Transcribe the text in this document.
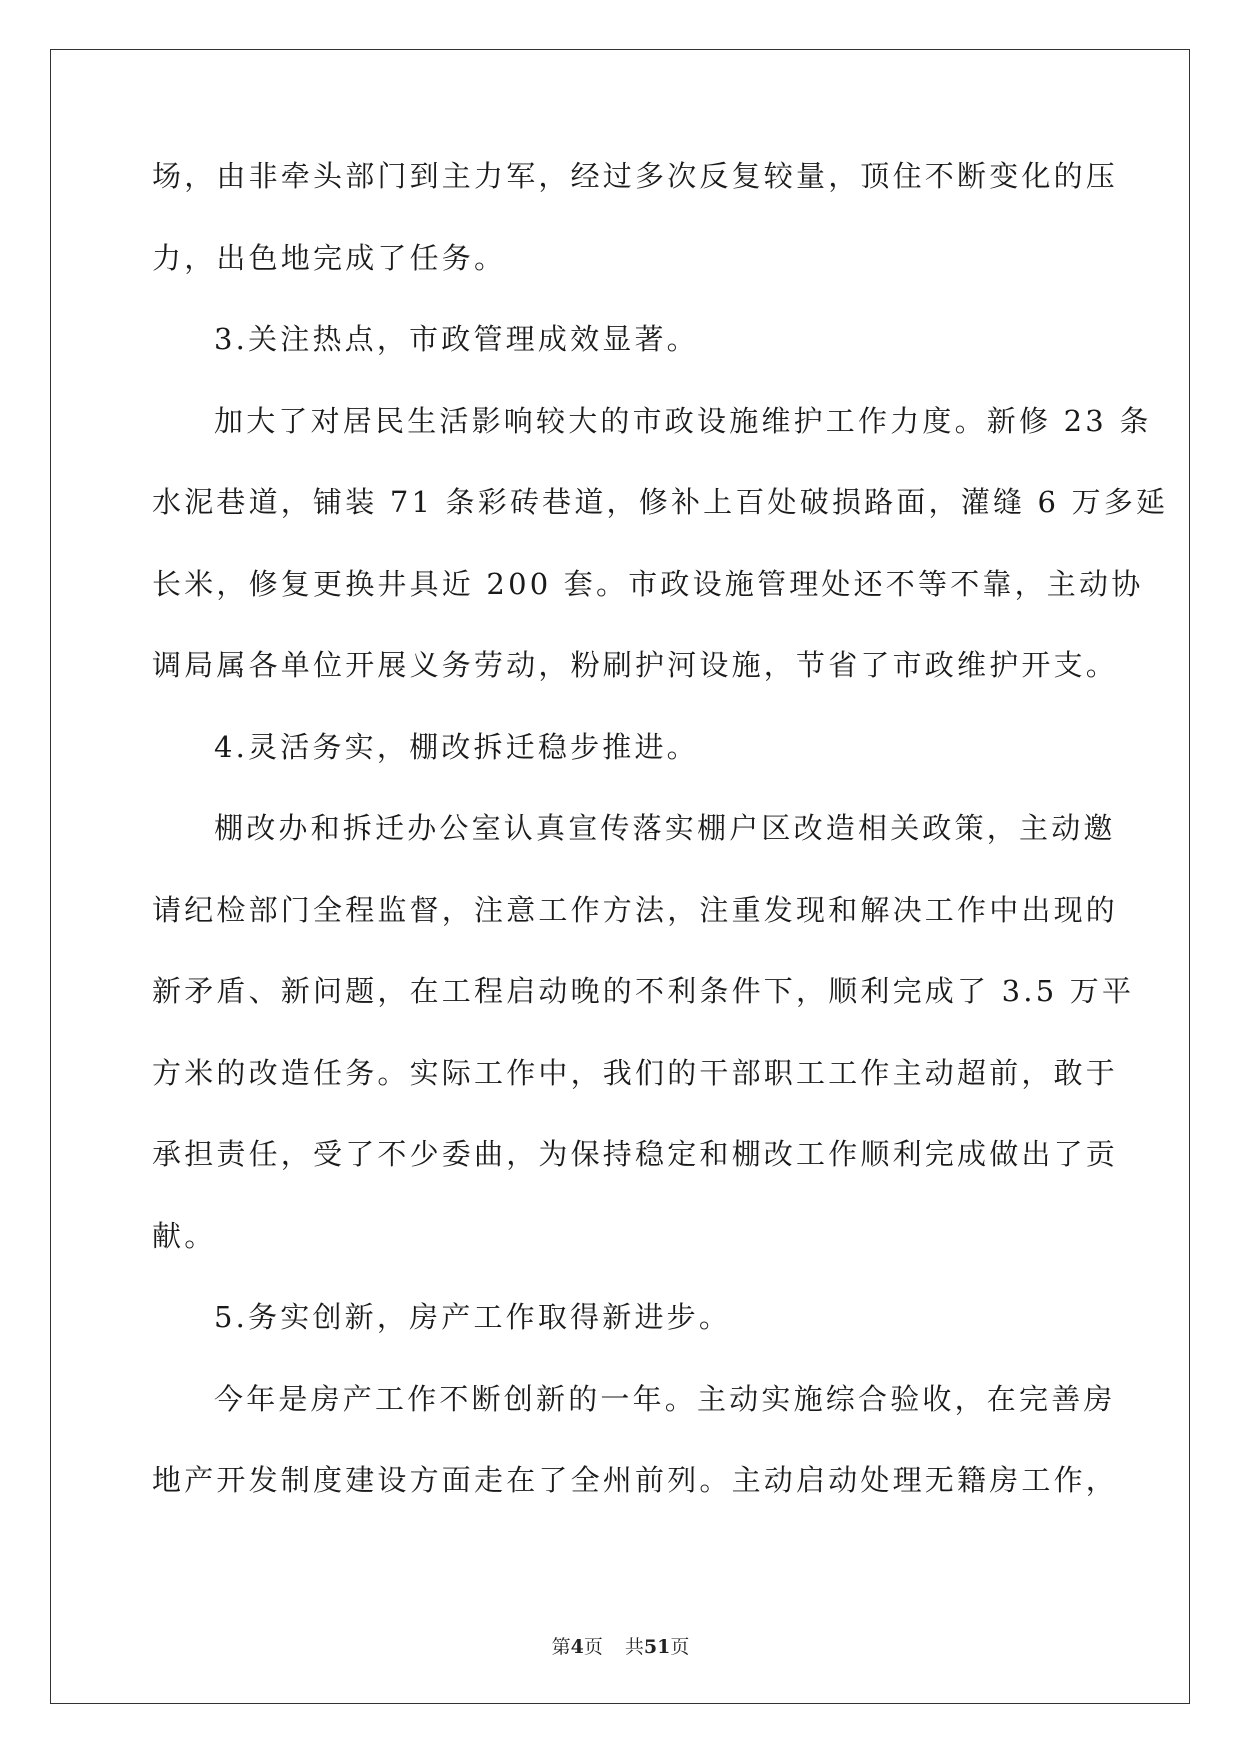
场，由非牵头部门到主力军，经过多次反复较量，顶住不断变化的压
力，出色地完成了任务。
3.关注热点，市政管理成效显著。
加大了对居民生活影响较大的市政设施维护工作力度。新修 23 条
水泥巷道，铺装 71 条彩砖巷道，修补上百处破损路面，灌缝 6 万多延
长米，修复更换井具近 200 套。市政设施管理处还不等不靠，主动协
调局属各单位开展义务劳动，粉刷护河设施，节省了市政维护开支。
4.灵活务实，棚改拆迁稳步推进。
棚改办和拆迁办公室认真宣传落实棚户区改造相关政策，主动邀
请纪检部门全程监督，注意工作方法，注重发现和解决工作中出现的
新矛盾、新问题，在工程启动晚的不利条件下，顺利完成了 3.5 万平
方米的改造任务。实际工作中，我们的干部职工工作主动超前，敢于
承担责任，受了不少委曲，为保持稳定和棚改工作顺利完成做出了贡
献。
5.务实创新，房产工作取得新进步。
今年是房产工作不断创新的一年。主动实施综合验收，在完善房
地产开发制度建设方面走在了全州前列。主动启动处理无籍房工作，
第4页 共51页
